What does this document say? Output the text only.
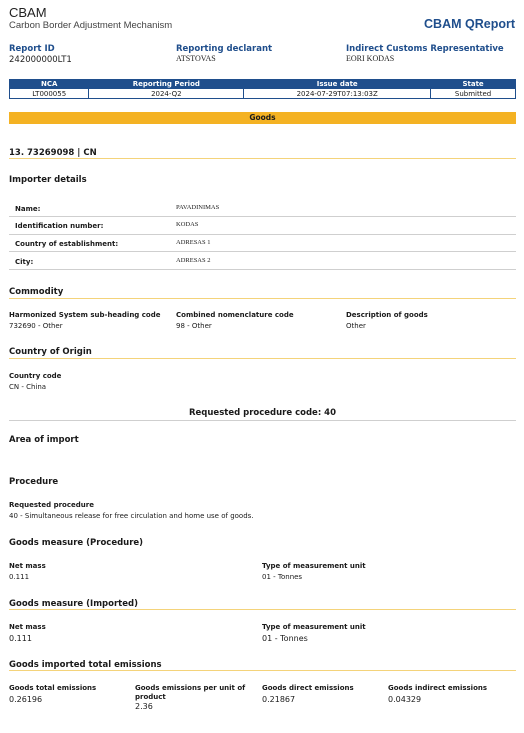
CBAM
Carbon Border Adjustment Mechanism	CBAM QReport
Report ID
242000000LT1
Reporting declarant
ATSTOVAS
Indirect Customs Representative
EORI KODAS
NCA	Reporting Period	Issue date	State
LT000055	2024-Q2	2024-07-29T07:13:03Z	Submitted
Goods
13. 73269098 | CN
Importer details
Name:	PAVADINIMAS
Identification number:	KODAS
Country of establishment:	ADRESAS 1
City:	ADRESAS 2
Commodity
Harmonized System sub-heading code
732690 - Other
Combined nomenclature code
98 - Other
Description of goods
Other
Country of Origin
Country code
CN - China
Requested procedure code: 40
Area of import
Procedure
Requested procedure
40 - Simultaneous release for free circulation and home use of goods.
Goods measure (Procedure)
Net mass
0.111
Type of measurement unit
01 - Tonnes
Goods measure (Imported)
Net mass
0.111
Type of measurement unit
01 - Tonnes
Goods imported total emissions
Goods total emissions
0.26196
Goods emissions per unit of product
2.36
Goods direct emissions
0.21867
Goods indirect emissions
0.04329
